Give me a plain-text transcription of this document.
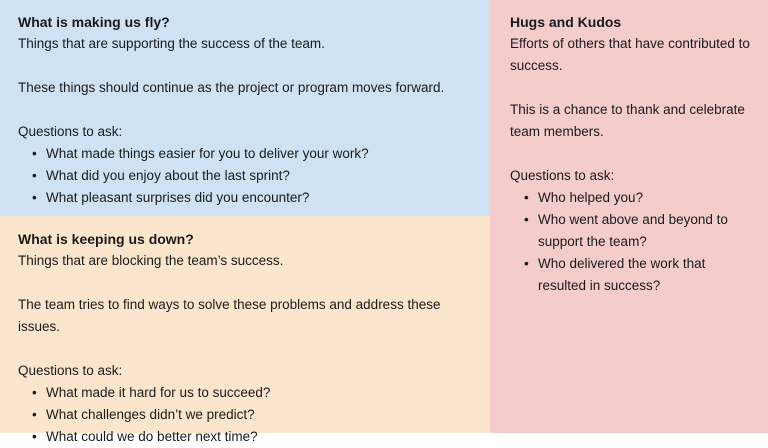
What is making us fly?

Things that are supporting the success of the team.

These things should continue as the project or program moves forward.

Questions to ask:

• What made things easier for you to deliver your work?
• What did you enjoy about the last sprint?
• What pleasant surprises did you encounter?

What is keeping us down?

Things that are blocking the team’s success.

The team tries to find ways to solve these problems and address these issues.

Questions to ask:

• What made it hard for us to succeed?
• What challenges didn’t we predict?
• What could we do better next time?

Hugs and Kudos

Efforts of others that have contributed to success.

This is a chance to thank and celebrate team members.

Questions to ask:

• Who helped you?
• Who went above and beyond to support the team?
• Who delivered the work that resulted in success?
